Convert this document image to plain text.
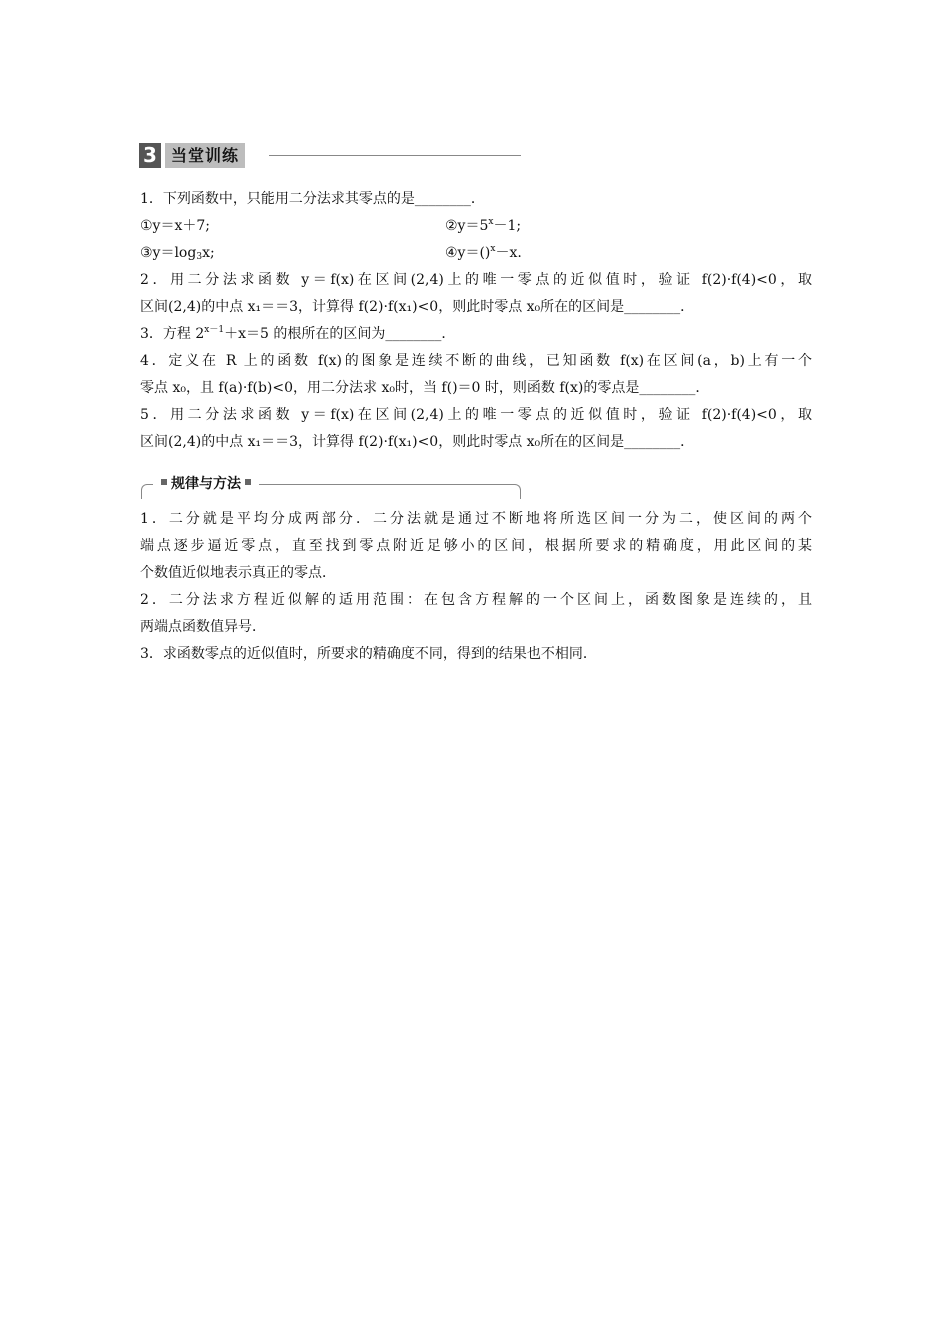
3 当堂训练
1．下列函数中，只能用二分法求其零点的是________．
①y＝x＋7;	$②y=5^x-1$;
$③y=\log_3x$;	④y＝()$^x$－x.
2．用二分法求函数 y＝f(x)在区间(2,4)上的唯一零点的近似值时，验证 f(2)·f(4)<0，取
区间(2,4)的中点 x₁＝＝3，计算得 f(2)·f(x₁)<0，则此时零点 x₀所在的区间是________．
3．方程 $2^{x-1}+x=5$ 的根所在的区间为________．
4．定义在 R 上的函数 f(x)的图象是连续不断的曲线，已知函数 f(x)在区间(a，b)上有一个
零点 x₀，且 f(a)·f(b)<0，用二分法求 x₀时，当 f()＝0 时，则函数 f(x)的零点是________．
5．用二分法求函数 y＝f(x)在区间(2,4)上的唯一零点的近似值时，验证 f(2)·f(4)<0，取
区间(2,4)的中点 x₁＝＝3，计算得 f(2)·f(x₁)<0，则此时零点 x₀所在的区间是________．
规律与方法
1．二分就是平均分成两部分．二分法就是通过不断地将所选区间一分为二，使区间的两个
端点逐步逼近零点，直至找到零点附近足够小的区间，根据所要求的精确度，用此区间的某
个数值近似地表示真正的零点．
2．二分法求方程近似解的适用范围：在包含方程解的一个区间上，函数图象是连续的，且
两端点函数值异号．
3．求函数零点的近似值时，所要求的精确度不同，得到的结果也不相同．
